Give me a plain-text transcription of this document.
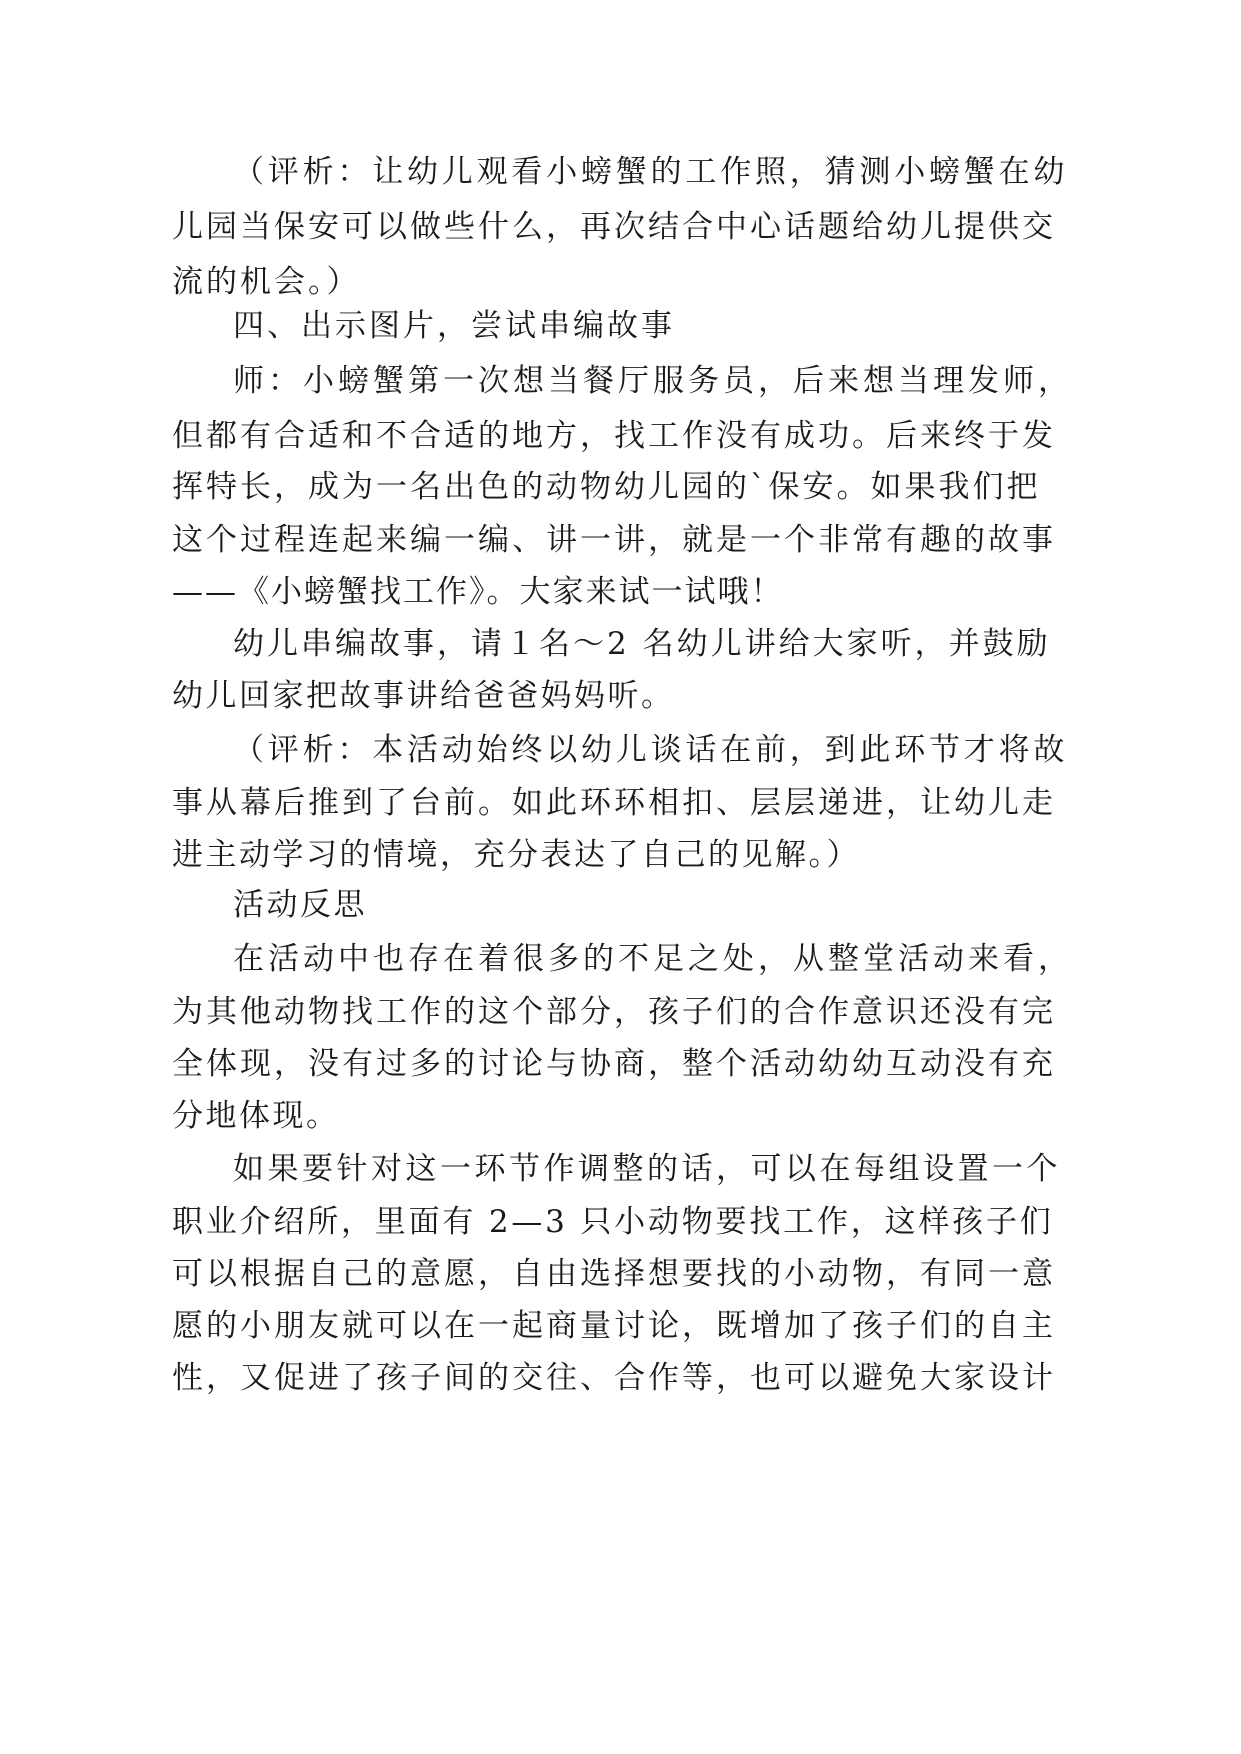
（评析：让幼儿观看小螃蟹的工作照，猜测小螃蟹在幼
儿园当保安可以做些什么，再次结合中心话题给幼儿提供交
流的机会。）
四、出示图片，尝试串编故事
师：小螃蟹第一次想当餐厅服务员，后来想当理发师，
但都有合适和不合适的地方，找工作没有成功。后来终于发
挥特长，成为一名出色的动物幼儿园的`保安。如果我们把
这个过程连起来编一编、讲一讲，就是一个非常有趣的故事
——《小螃蟹找工作》。大家来试一试哦！
幼儿串编故事，请１名～2 名幼儿讲给大家听，并鼓励
幼儿回家把故事讲给爸爸妈妈听。
（评析：本活动始终以幼儿谈话在前，到此环节才将故
事从幕后推到了台前。如此环环相扣、层层递进，让幼儿走
进主动学习的情境，充分表达了自己的见解。）
活动反思
在活动中也存在着很多的不足之处，从整堂活动来看，
为其他动物找工作的这个部分，孩子们的合作意识还没有完
全体现，没有过多的讨论与协商，整个活动幼幼互动没有充
分地体现。
如果要针对这一环节作调整的话，可以在每组设置一个
职业介绍所，里面有 2—3 只小动物要找工作，这样孩子们
可以根据自己的意愿，自由选择想要找的小动物，有同一意
愿的小朋友就可以在一起商量讨论，既增加了孩子们的自主
性，又促进了孩子间的交往、合作等，也可以避免大家设计
